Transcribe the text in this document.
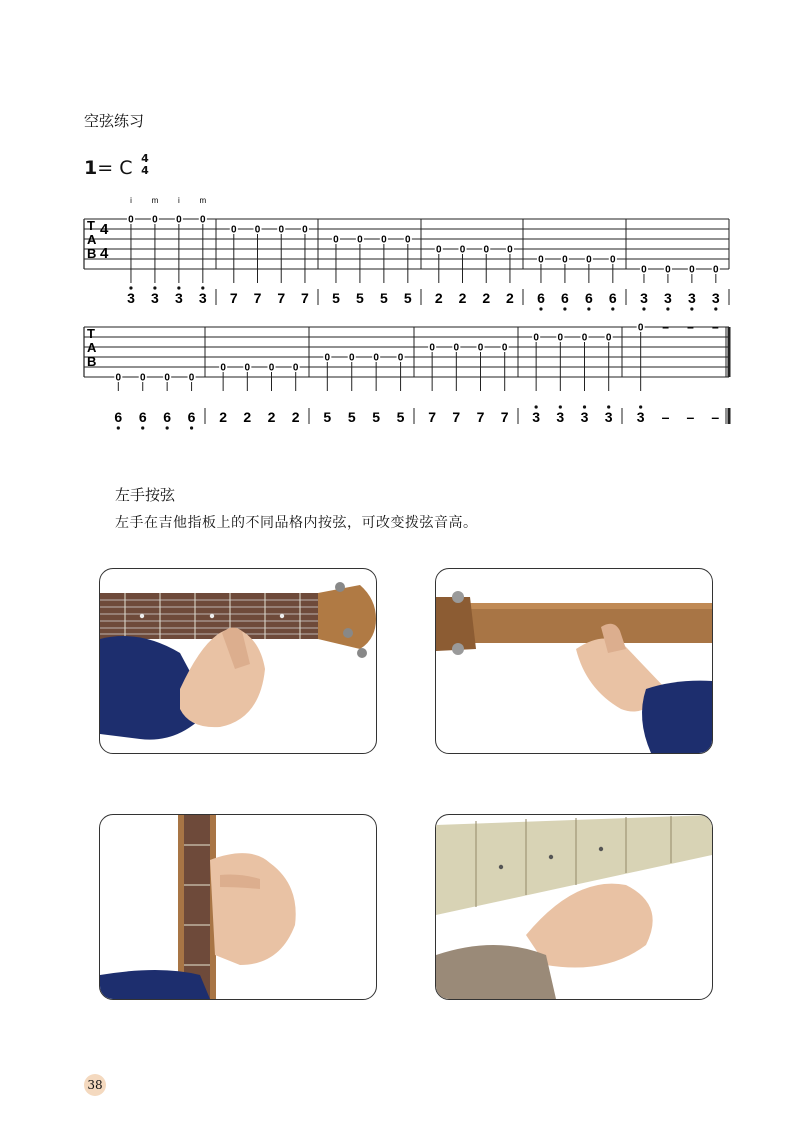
空弦练习
1= C 4
4
T
A
B
4
4
0
3
0
3
0
3
0
3
0
7
0
7
0
7
0
7
0
5
0
5
0
5
0
5
0
2
0
2
0
2
0
2
0
6
0
6
0
6
0
6
0
3
0
3
0
3
0
3
T
A
B
0
6
0
6
0
6
0
6
0
2
0
2
0
2
0
2
0
5
0
5
0
5
0
5
0
7
0
7
0
7
0
7
0
3
0
3
0
3
0
3
0
3
–
–
–
–
–
–
i m i m
左手按弦
左手在吉他指板上的不同品格内按弦，可改变拨弦音高。
38
